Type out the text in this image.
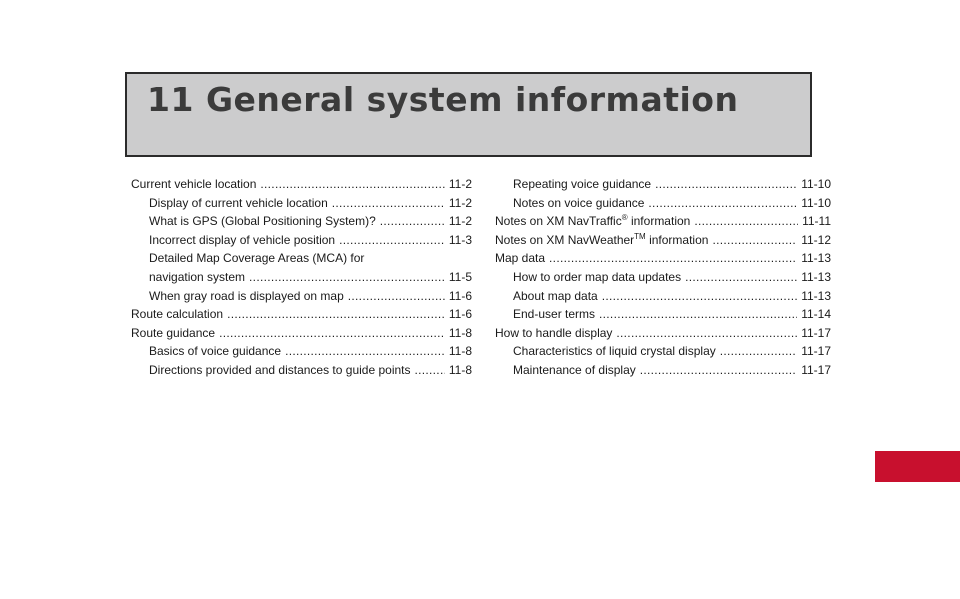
11 General system information
Current vehicle location .....	11-2
Display of current vehicle location .....	11-2
What is GPS (Global Positioning System)? .....	11-2
Incorrect display of vehicle position .....	11-3
Detailed Map Coverage Areas (MCA) for
navigation system .....	11-5
When gray road is displayed on map .....	11-6
Route calculation .....	11-6
Route guidance .....	11-8
Basics of voice guidance .....	11-8
Directions provided and distances to guide points .....	11-8
Repeating voice guidance .....	11-10
Notes on voice guidance .....	11-10
Notes on XM NavTraffic® information .....	11-11
Notes on XM NavWeather™ information .....	11-12
Map data .....	11-13
How to order map data updates .....	11-13
About map data .....	11-13
End-user terms .....	11-14
How to handle display .....	11-17
Characteristics of liquid crystal display .....	11-17
Maintenance of display .....	11-17
